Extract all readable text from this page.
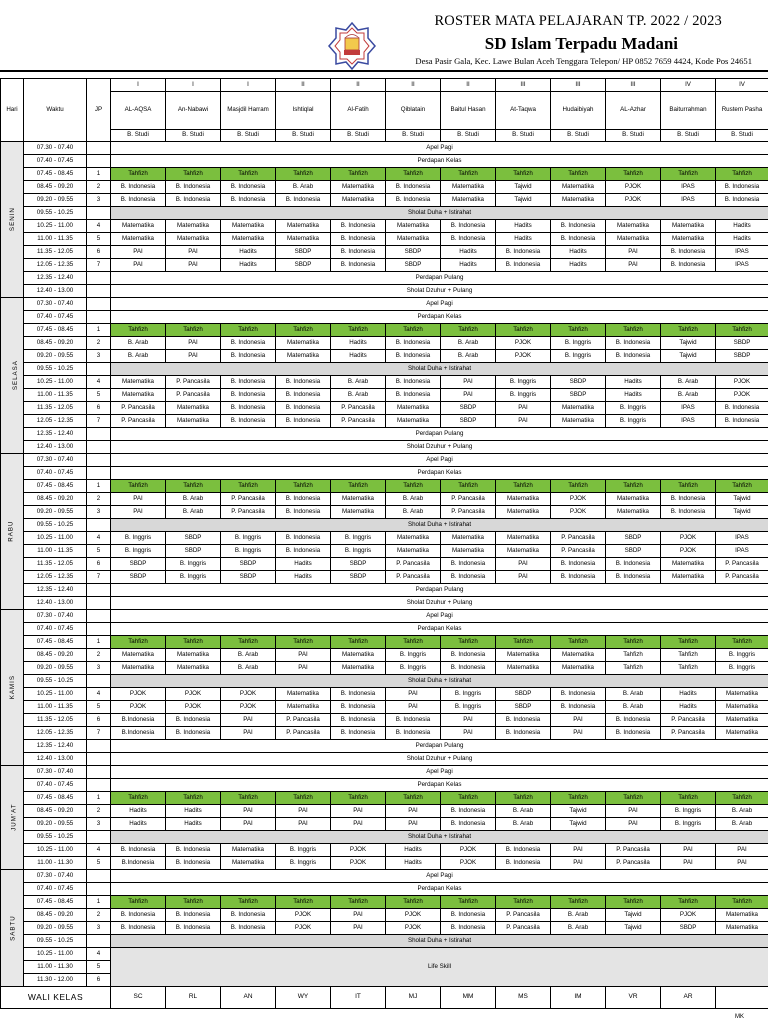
ROSTER MATA PELAJARAN TP. 2022 / 2023
SD Islam Terpadu Madani
Desa Pasir Gala, Kec. Lawe Bulan Aceh Tenggara Telepon/ HP 0852 7659 4424, Kode Pos 24651
Hari	Waktu	JP	I	I	I	II	II	II	II	III	III	III	IV	IV
			AL-AQSA	An-Nabawi	Masjdil Harram	Ishtiqlal	Al-Fatih	Qiblatain	Baitul Hasan	At-Taqwa	Hudaibiyah	AL-Azhar	Baiturrahman	Rustem Pasha
			B. Studi	B. Studi	B. Studi	B. Studi	B. Studi	B. Studi	B. Studi	B. Studi	B. Studi	B. Studi	B. Studi	B. Studi
SENIN	07.30 - 07.40		Apel Pagi											
	07.40 - 07.45		Perdapan Kelas											
	07.45 - 08.45	1	Tahfizh	Tahfizh	Tahfizh	Tahfizh	Tahfizh	Tahfizh	Tahfizh	Tahfizh	Tahfizh	Tahfizh	Tahfizh	Tahfizh
	08.45 - 09.20	2	B. Indonesia	B. Indonesia	B. Indonesia	B. Arab	Matematika	B. Indonesia	Matematika	Tajwid	Matematika	PJOK	IPAS	B. Indonesia
	09.20 - 09.55	3	B. Indonesia	B. Indonesia	B. Indonesia	B. Indonesia	Matematika	B. Indonesia	Matematika	Tajwid	Matematika	PJOK	IPAS	B. Indonesia
	09.55 - 10.25		Sholat Duha + Istirahat											
	10.25 - 11.00	4	Matematika	Matematika	Matematika	Matematika	B. Indonesia	Matematika	B. Indonesia	Hadits	B. Indonesia	Matematika	Matematika	Hadits
	11.00 - 11.35	5	Matematika	Matematika	Matematika	Matematika	B. Indonesia	Matematika	B. Indonesia	Hadits	B. Indonesia	Matematika	Matematika	Hadits
	11.35 - 12.05	6	PAI	PAI	Hadits	SBDP	B. Indonesia	SBDP	Hadits	B. Indonesia	Hadits	PAI	B. Indonesia	IPAS
	12.05 - 12.35	7	PAI	PAI	Hadits	SBDP	B. Indonesia	SBDP	Hadits	B. Indonesia	Hadits	PAI	B. Indonesia	IPAS
	12.35 - 12.40		Perdapan Pulang											
	12.40 - 13.00		Sholat Dzuhur + Pulang											
SELASA	07.30 - 07.40		Apel Pagi											
	07.40 - 07.45		Perdapan Kelas											
	07.45 - 08.45	1	Tahfizh	Tahfizh	Tahfizh	Tahfizh	Tahfizh	Tahfizh	Tahfizh	Tahfizh	Tahfizh	Tahfizh	Tahfizh	Tahfizh
	08.45 - 09.20	2	B. Arab	PAI	B. Indonesia	Matematika	Hadits	B. Indonesia	B. Arab	PJOK	B. Inggris	B. Indonesia	Tajwid	SBDP
	09.20 - 09.55	3	B. Arab	PAI	B. Indonesia	Matematika	Hadits	B. Indonesia	B. Arab	PJOK	B. Inggris	B. Indonesia	Tajwid	SBDP
	09.55 - 10.25		Sholat Duha + Istirahat											
	10.25 - 11.00	4	Matematika	P. Pancasila	B. Indonesia	B. Indonesia	B. Arab	B. Indonesia	PAI	B. Inggris	SBDP	Hadits	B. Arab	PJOK
	11.00 - 11.35	5	Matematika	P. Pancasila	B. Indonesia	B. Indonesia	B. Arab	B. Indonesia	PAI	B. Inggris	SBDP	Hadits	B. Arab	PJOK
	11.35 - 12.05	6	P. Pancasila	Matematika	B. Indonesia	B. Indonesia	P. Pancasila	Matematika	SBDP	PAI	Matematika	B. Inggris	IPAS	B. Indonesia
	12.05 - 12.35	7	P. Pancasila	Matematika	B. Indonesia	B. Indonesia	P. Pancasila	Matematika	SBDP	PAI	Matematika	B. Inggris	IPAS	B. Indonesia
	12.35 - 12.40		Perdapan Pulang											
	12.40 - 13.00		Sholat Dzuhur + Pulang											
RABU	07.30 - 07.40		Apel Pagi											
	07.40 - 07.45		Perdapan Kelas											
	07.45 - 08.45	1	Tahfizh	Tahfizh	Tahfizh	Tahfizh	Tahfizh	Tahfizh	Tahfizh	Tahfizh	Tahfizh	Tahfizh	Tahfizh	Tahfizh
	08.45 - 09.20	2	PAI	B. Arab	P. Pancasila	B. Indonesia	Matematika	B. Arab	P. Pancasila	Matematika	PJOK	Matematika	B. Indonesia	Tajwid
	09.20 - 09.55	3	PAI	B. Arab	P. Pancasila	B. Indonesia	Matematika	B. Arab	P. Pancasila	Matematika	PJOK	Matematika	B. Indonesia	Tajwid
	09.55 - 10.25		Sholat Duha + Istirahat											
	10.25 - 11.00	4	B. Inggris	SBDP	B. Inggris	B. Indonesia	B. Inggris	Matematika	Matematika	Matematika	P. Pancasila	SBDP	PJOK	IPAS
	11.00 - 11.35	5	B. Inggris	SBDP	B. Inggris	B. Indonesia	B. Inggris	Matematika	Matematika	Matematika	P. Pancasila	SBDP	PJOK	IPAS
	11.35 - 12.05	6	SBDP	B. Inggris	SBDP	Hadits	SBDP	P. Pancasila	B. Indonesia	PAI	B. Indonesia	B. Indonesia	Matematika	P. Pancasila
	12.05 - 12.35	7	SBDP	B. Inggris	SBDP	Hadits	SBDP	P. Pancasila	B. Indonesia	PAI	B. Indonesia	B. Indonesia	Matematika	P. Pancasila
	12.35 - 12.40		Perdapan Pulang											
	12.40 - 13.00		Sholat Dzuhur + Pulang											
KAMIS	07.30 - 07.40		Apel Pagi											
	07.40 - 07.45		Perdapan Kelas											
	07.45 - 08.45	1	Tahfizh	Tahfizh	Tahfizh	Tahfizh	Tahfizh	Tahfizh	Tahfizh	Tahfizh	Tahfizh	Tahfizh	Tahfizh	Tahfizh
	08.45 - 09.20	2	Matematika	Matematika	B. Arab	PAI	Matematika	B. Inggris	B. Indonesia	Matematika	Matematika	Tahfizh	Tahfizh	B. Inggris
	09.20 - 09.55	3	Matematika	Matematika	B. Arab	PAI	Matematika	B. Inggris	B. Indonesia	Matematika	Matematika	Tahfizh	Tahfizh	B. Inggris
	09.55 - 10.25		Sholat Duha + Istirahat											
	10.25 - 11.00	4	PJOK	PJOK	PJOK	Matematika	B. Indonesia	PAI	B. Inggris	SBDP	B. Indonesia	B. Arab	Hadits	Matematika
	11.00 - 11.35	5	PJOK	PJOK	PJOK	Matematika	B. Indonesia	PAI	B. Inggris	SBDP	B. Indonesia	B. Arab	Hadits	Matematika
	11.35 - 12.05	6	B.Indonesia	B. Indonesia	PAI	P. Pancasila	B. Indonesia	B. Indonesia	PAI	B. Indonesia	PAI	B. Indonesia	P. Pancasila	Matematika
	12.05 - 12.35	7	B.Indonesia	B. Indonesia	PAI	P. Pancasila	B. Indonesia	B. Indonesia	PAI	B. Indonesia	PAI	B. Indonesia	P. Pancasila	Matematika
	12.35 - 12.40		Perdapan Pulang											
	12.40 - 13.00		Sholat Dzuhur + Pulang											
JUM'AT	07.30 - 07.40		Apel Pagi											
	07.40 - 07.45		Perdapan Kelas											
	07.45 - 08.45	1	Tahfizh	Tahfizh	Tahfizh	Tahfizh	Tahfizh	Tahfizh	Tahfizh	Tahfizh	Tahfizh	Tahfizh	Tahfizh	Tahfizh
	08.45 - 09.20	2	Hadits	Hadits	PAI	PAI	PAI	PAI	B. Indonesia	B. Arab	Tajwid	PAI	B. Inggris	B. Arab
	09.20 - 09.55	3	Hadits	Hadits	PAI	PAI	PAI	PAI	B. Indonesia	B. Arab	Tajwid	PAI	B. Inggris	B. Arab
	09.55 - 10.25		Sholat Duha + Istirahat											
	10.25 - 11.00	4	B. Indonesia	B. Indonesia	Matematika	B. Inggris	PJOK	Hadits	PJOK	B. Indonesia	PAI	P. Pancasila	PAI	PAI
	11.00 - 11.30	5	B.Indonesia	B. Indonesia	Matematika	B. Inggris	PJOK	Hadits	PJOK	B. Indonesia	PAI	P. Pancasila	PAI	PAI
SABTU	07.30 - 07.40		Apel Pagi											
	07.40 - 07.45		Perdapan Kelas											
	07.45 - 08.45	1	Tahfizh	Tahfizh	Tahfizh	Tahfizh	Tahfizh	Tahfizh	Tahfizh	Tahfizh	Tahfizh	Tahfizh	Tahfizh	Tahfizh
	08.45 - 09.20	2	B. Indonesia	B. Indonesia	B. Indonesia	PJOK	PAI	PJOK	B. Indonesia	P. Pancasila	B. Arab	Tajwid	PJOK	Matematika
	09.20 - 09.55	3	B. Indonesia	B. Indonesia	B. Indonesia	PJOK	PAI	PJOK	B. Indonesia	P. Pancasila	B. Arab	Tajwid	SBDP	Matematika
	09.55 - 10.25		Sholat Duha + Istirahat											
	10.25 - 11.00	4	Life Skill											
	11.00 - 11.30	5												
	11.30 - 12.00	6												
WALI KELAS			SC	RL	AN	WY	IT	MJ	MM	MS	IM	VR	AR	
MK
